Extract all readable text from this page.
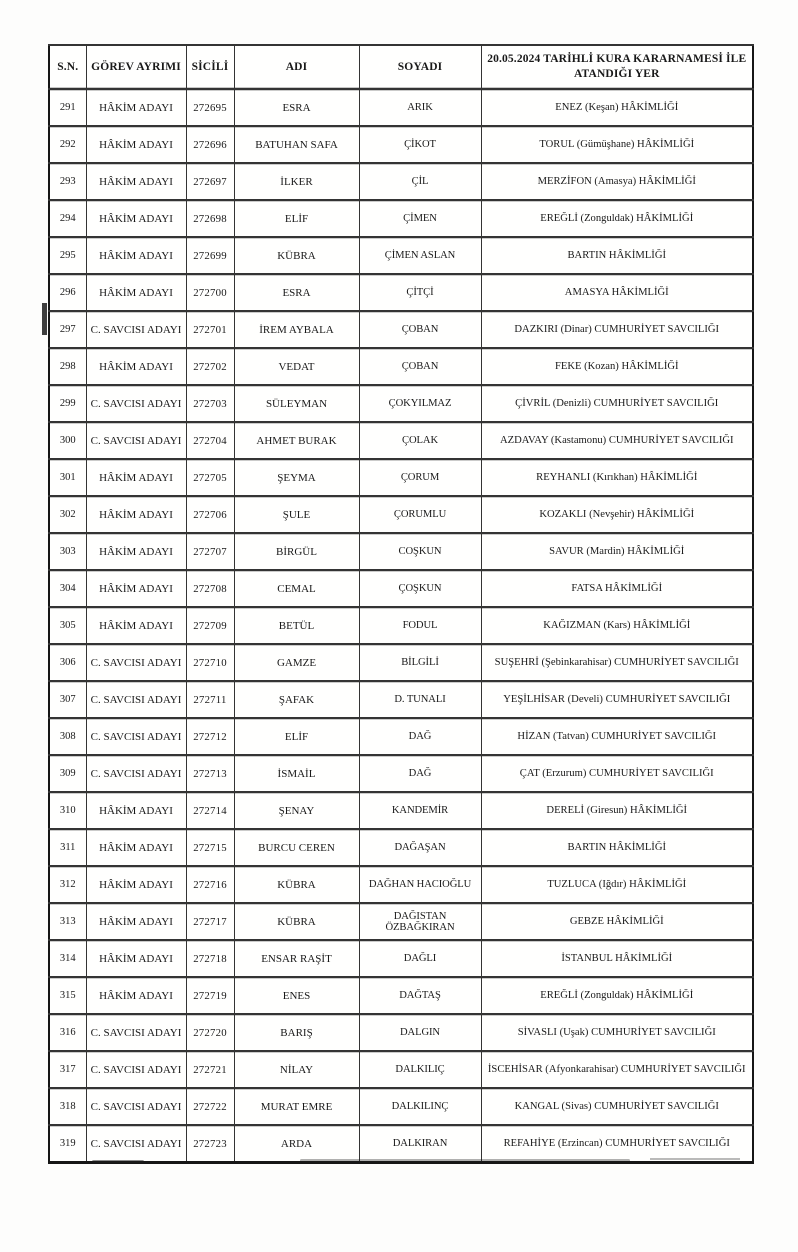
S.N.	GÖREV AYRIMI	SİCİLİ	ADI	SOYADI	20.05.2024 TARİHLİ KURA KARARNAMESİ İLE ATANDIĞI YER
291	HÂKİM ADAYI	272695	ESRA	ARIK	ENEZ (Keşan) HÂKİMLİĞİ
292	HÂKİM ADAYI	272696	BATUHAN SAFA	ÇİKOT	TORUL (Gümüşhane) HÂKİMLİĞİ
293	HÂKİM ADAYI	272697	İLKER	ÇİL	MERZİFON (Amasya) HÂKİMLİĞİ
294	HÂKİM ADAYI	272698	ELİF	ÇİMEN	EREĞLİ (Zonguldak) HÂKİMLİĞİ
295	HÂKİM ADAYI	272699	KÜBRA	ÇİMEN ASLAN	BARTIN HÂKİMLİĞİ
296	HÂKİM ADAYI	272700	ESRA	ÇİTÇİ	AMASYA HÂKİMLİĞİ
297	C. SAVCISI ADAYI	272701	İREM AYBALA	ÇOBAN	DAZKIRI (Dinar) CUMHURİYET SAVCILIĞI
298	HÂKİM ADAYI	272702	VEDAT	ÇOBAN	FEKE (Kozan) HÂKİMLİĞİ
299	C. SAVCISI ADAYI	272703	SÜLEYMAN	ÇOKYILMAZ	ÇİVRİL (Denizli) CUMHURİYET SAVCILIĞI
300	C. SAVCISI ADAYI	272704	AHMET BURAK	ÇOLAK	AZDAVAY (Kastamonu) CUMHURİYET SAVCILIĞI
301	HÂKİM ADAYI	272705	ŞEYMA	ÇORUM	REYHANLI (Kırıkhan) HÂKİMLİĞİ
302	HÂKİM ADAYI	272706	ŞULE	ÇORUMLU	KOZAKLI (Nevşehir) HÂKİMLİĞİ
303	HÂKİM ADAYI	272707	BİRGÜL	COŞKUN	SAVUR (Mardin) HÂKİMLİĞİ
304	HÂKİM ADAYI	272708	CEMAL	ÇOŞKUN	FATSA HÂKİMLİĞİ
305	HÂKİM ADAYI	272709	BETÜL	FODUL	KAĞIZMAN (Kars) HÂKİMLİĞİ
306	C. SAVCISI ADAYI	272710	GAMZE	BİLGİLİ	SUŞEHRİ (Şebinkarahisar) CUMHURİYET SAVCILIĞI
307	C. SAVCISI ADAYI	272711	ŞAFAK	D. TUNALI	YEŞİLHİSAR (Develi) CUMHURİYET SAVCILIĞI
308	C. SAVCISI ADAYI	272712	ELİF	DAĞ	HİZAN (Tatvan) CUMHURİYET SAVCILIĞI
309	C. SAVCISI ADAYI	272713	İSMAİL	DAĞ	ÇAT (Erzurum) CUMHURİYET SAVCILIĞI
310	HÂKİM ADAYI	272714	ŞENAY	KANDEMİR	DERELİ (Giresun) HÂKİMLİĞİ
311	HÂKİM ADAYI	272715	BURCU CEREN	DAĞAŞAN	BARTIN HÂKİMLİĞİ
312	HÂKİM ADAYI	272716	KÜBRA	DAĞHAN HACIOĞLU	TUZLUCA (Iğdır) HÂKİMLİĞİ
313	HÂKİM ADAYI	272717	KÜBRA	DAĞISTAN ÖZBAĞKIRAN	GEBZE HÂKİMLİĞİ
314	HÂKİM ADAYI	272718	ENSAR RAŞİT	DAĞLI	İSTANBUL HÂKİMLİĞİ
315	HÂKİM ADAYI	272719	ENES	DAĞTAŞ	EREĞLİ (Zonguldak) HÂKİMLİĞİ
316	C. SAVCISI ADAYI	272720	BARIŞ	DALGIN	SİVASLI (Uşak) CUMHURİYET SAVCILIĞI
317	C. SAVCISI ADAYI	272721	NİLAY	DALKILIÇ	İSCEHİSAR (Afyonkarahisar) CUMHURİYET SAVCILIĞI
318	C. SAVCISI ADAYI	272722	MURAT EMRE	DALKILINÇ	KANGAL (Sivas) CUMHURİYET SAVCILIĞI
319	C. SAVCISI ADAYI	272723	ARDA	DALKIRAN	REFAHİYE (Erzincan) CUMHURİYET SAVCILIĞI
